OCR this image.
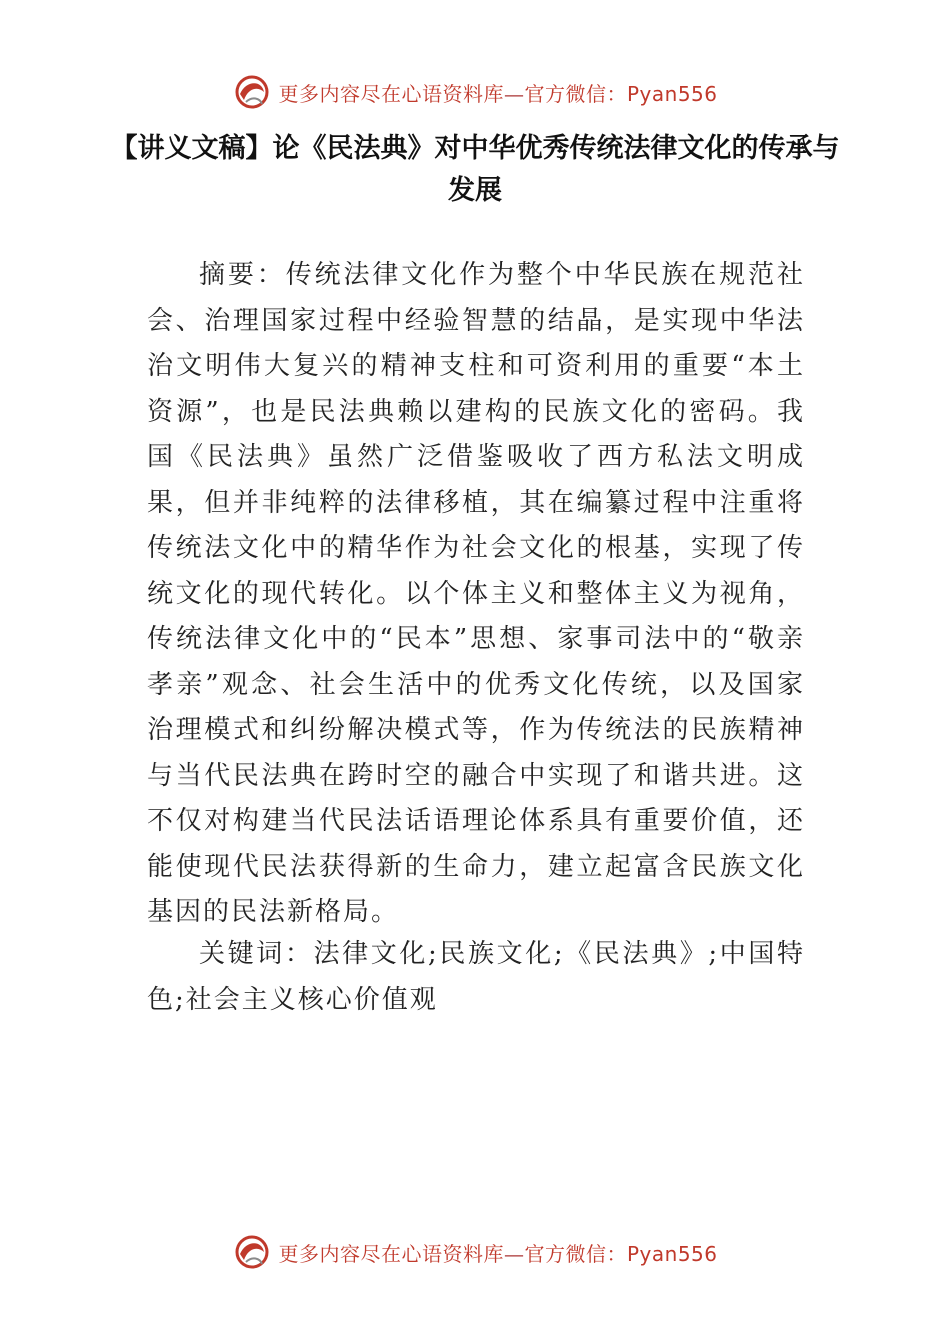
更多内容尽在心语资料库—官方微信：Pyan556
【讲义文稿】论《民法典》对中华优秀传统法律文化的传承与发展

摘要：传统法律文化作为整个中华民族在规范社会、治理国家过程中经验智慧的结晶，是实现中华法治文明伟大复兴的精神支柱和可资利用的重要“本土资源”，也是民法典赖以建构的民族文化的密码。我国《民法典》虽然广泛借鉴吸收了西方私法文明成果，但并非纯粹的法律移植，其在编纂过程中注重将传统法文化中的精华作为社会文化的根基，实现了传统文化的现代转化。以个体主义和整体主义为视角，传统法律文化中的“民本”思想、家事司法中的“敬亲孝亲”观念、社会生活中的优秀文化传统，以及国家治理模式和纠纷解决模式等，作为传统法的民族精神与当代民法典在跨时空的融合中实现了和谐共进。这不仅对构建当代民法话语理论体系具有重要价值，还能使现代民法获得新的生命力，建立起富含民族文化基因的民法新格局。

关键词：法律文化;民族文化;《民法典》;中国特色;社会主义核心价值观

更多内容尽在心语资料库—官方微信：Pyan556
